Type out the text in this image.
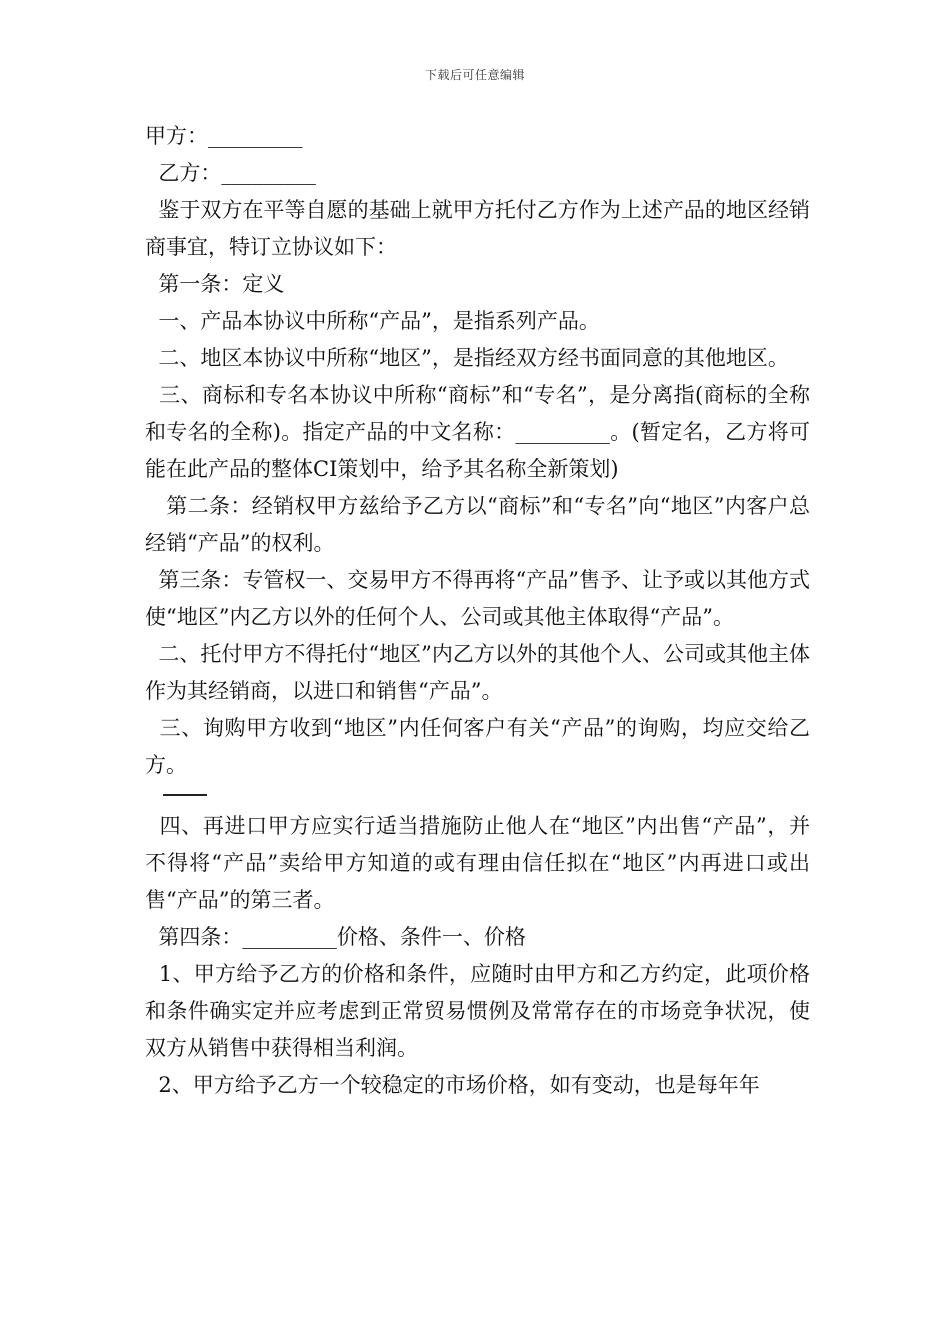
下载后可任意编辑

甲方：_________

乙方：_________

鉴于双方在平等自愿的基础上就甲方托付乙方作为上述产品的地区经销商事宜，特订立协议如下：

第一条：定义

一、产品本协议中所称“产品”，是指系列产品。

二、地区本协议中所称“地区”，是指经双方经书面同意的其他地区。

三、商标和专名本协议中所称“商标”和“专名”，是分离指(商标的全称和专名的全称)。指定产品的中文名称：_________。(暂定名，乙方将可能在此产品的整体CI策划中，给予其名称全新策划)

第二条：经销权甲方兹给予乙方以“商标”和“专名”向“地区”内客户总经销“产品”的权利。

第三条：专管权一、交易甲方不得再将“产品”售予、让予或以其他方式使“地区”内乙方以外的任何个人、公司或其他主体取得“产品”。

二、托付甲方不得托付“地区”内乙方以外的其他个人、公司或其他主体作为其经销商，以进口和销售“产品”。

三、询购甲方收到“地区”内任何客户有关“产品”的询购，均应交给乙方。

四、再进口甲方应实行适当措施防止他人在“地区”内出售“产品”，并不得将“产品”卖给甲方知道的或有理由信任拟在“地区”内再进口或出售“产品”的第三者。

第四条：_________价格、条件一、价格

1、甲方给予乙方的价格和条件，应随时由甲方和乙方约定，此项价格和条件确实定并应考虑到正常贸易惯例及常常存在的市场竞争状况，使双方从销售中获得相当利润。

2、甲方给予乙方一个较稳定的市场价格，如有变动，也是每年年
